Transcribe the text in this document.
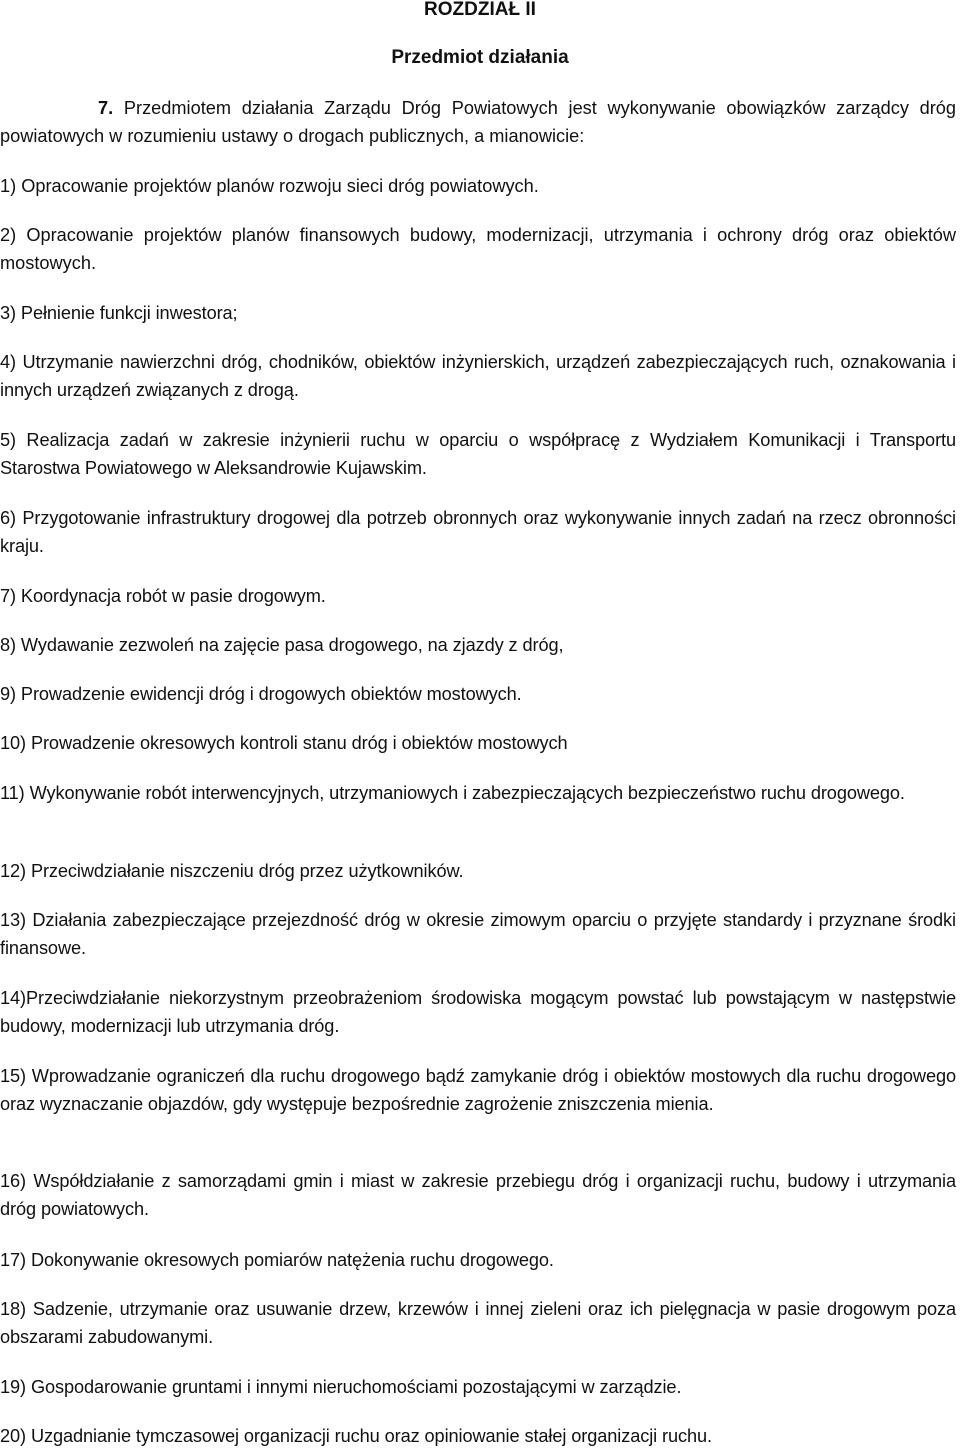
ROZDZIAŁ II
Przedmiot działania

7. Przedmiotem działania Zarządu Dróg Powiatowych jest wykonywanie obowiązków zarządcy dróg powiatowych w rozumieniu ustawy o drogach publicznych, a mianowicie:

1) Opracowanie projektów planów rozwoju sieci dróg powiatowych.

2) Opracowanie projektów planów finansowych budowy, modernizacji, utrzymania i ochrony dróg oraz obiektów mostowych.

3) Pełnienie funkcji inwestora;

4) Utrzymanie nawierzchni dróg, chodników, obiektów inżynierskich, urządzeń zabezpieczających ruch, oznakowania i innych urządzeń związanych z drogą.

5) Realizacja zadań w zakresie inżynierii ruchu w oparciu o współpracę z Wydziałem Komunikacji i Transportu Starostwa Powiatowego w Aleksandrowie Kujawskim.

6) Przygotowanie infrastruktury drogowej dla potrzeb obronnych oraz wykonywanie innych zadań na rzecz obronności kraju.

7) Koordynacja robót w pasie drogowym.

8) Wydawanie zezwoleń na zajęcie pasa drogowego, na zjazdy z dróg,

9) Prowadzenie ewidencji dróg i drogowych obiektów mostowych.

10) Prowadzenie okresowych kontroli stanu dróg i obiektów mostowych

11) Wykonywanie robót interwencyjnych, utrzymaniowych i zabezpieczających bezpieczeństwo ruchu drogowego.

12) Przeciwdziałanie niszczeniu dróg przez użytkowników.

13) Działania zabezpieczające przejezdność dróg w okresie zimowym oparciu o przyjęte standardy i przyznane środki finansowe.

14)Przeciwdziałanie niekorzystnym przeobrażeniom środowiska mogącym powstać lub powstającym w następstwie budowy, modernizacji lub utrzymania dróg.

15) Wprowadzanie ograniczeń dla ruchu drogowego bądź zamykanie dróg i obiektów mostowych dla ruchu drogowego oraz wyznaczanie objazdów, gdy występuje bezpośrednie zagrożenie zniszczenia mienia.

16) Współdziałanie z samorządami gmin i miast w zakresie przebiegu dróg i organizacji ruchu, budowy i utrzymania dróg powiatowych.

17) Dokonywanie okresowych pomiarów natężenia ruchu drogowego.

18) Sadzenie, utrzymanie oraz usuwanie drzew, krzewów i innej zieleni oraz ich pielęgnacja w pasie drogowym poza obszarami zabudowanymi.

19) Gospodarowanie gruntami i innymi nieruchomościami pozostającymi w zarządzie.

20) Uzgadnianie tymczasowej organizacji ruchu oraz opiniowanie stałej organizacji ruchu.
